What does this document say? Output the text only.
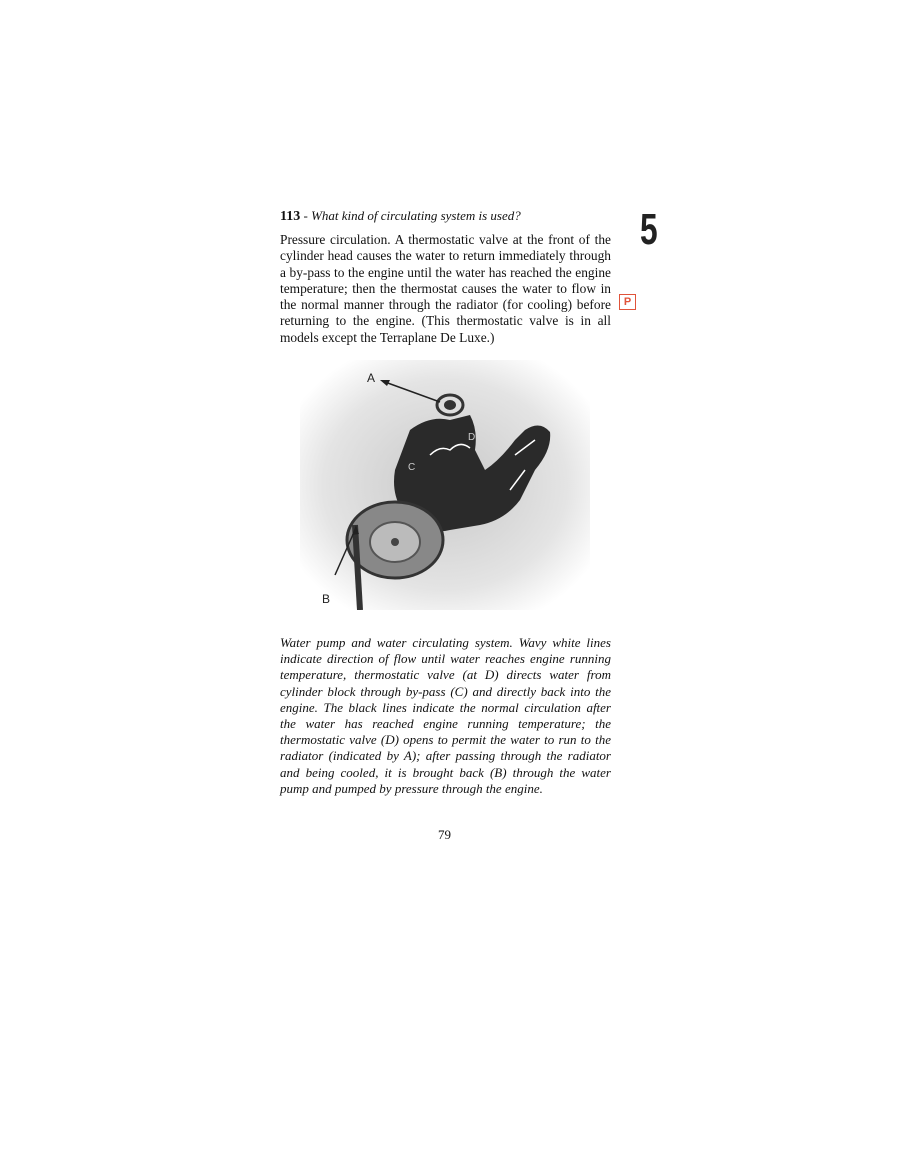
113 - What kind of circulating system is used?
Pressure circulation. A thermostatic valve at the front of the cylinder head causes the water to return immediately through a by-pass to the engine until the water has reached the engine temperature; then the thermostat causes the water to flow in the normal manner through the radiator (for cooling) before returning to the engine. (This thermostatic valve is in all models except the Terraplane De Luxe.)
5
P
A
B
C
D
Water pump and water circulating system. Wavy white lines indicate direction of flow until water reaches engine running temperature, thermostatic valve (at D) directs water from cylinder block through by-pass (C) and directly back into the engine. The black lines indicate the normal circulation after the water has reached engine running temperature; the thermostatic valve (D) opens to permit the water to run to the radiator (indicated by A); after passing through the radiator and being cooled, it is brought back (B) through the water pump and pumped by pressure through the engine.
79
